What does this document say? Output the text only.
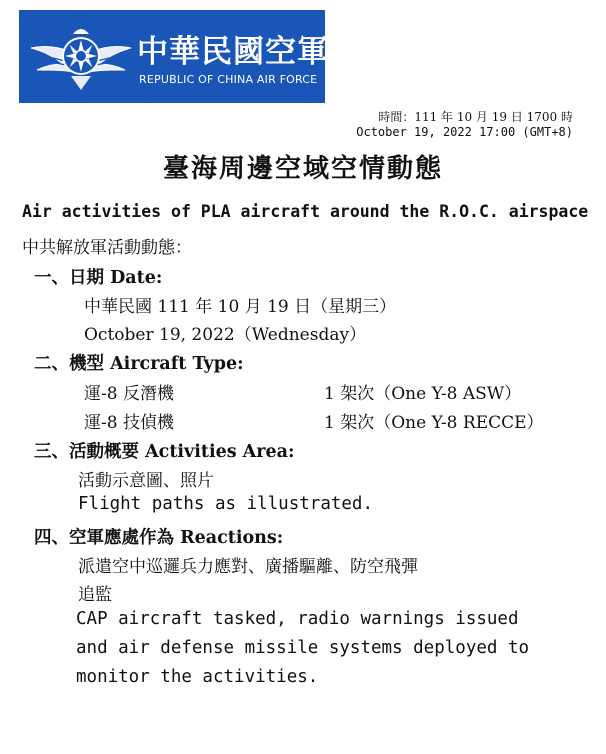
中華民國空軍
REPUBLIC OF CHINA AIR FORCE
時間：111 年 10 月 19 日 1700 時
October 19, 2022 17:00 (GMT+8)
臺海周邊空域空情動態
Air activities of PLA aircraft around the R.O.C. airspace
中共解放軍活動動態：
一、日期 Date:
中華民國 111 年 10 月 19 日（星期三）
October 19, 2022（Wednesday）
二、機型 Aircraft Type:
運-8 反潛機	1 架次（One Y-8 ASW）
運-8 技偵機	1 架次（One Y-8 RECCE）
三、活動概要 Activities Area:
活動示意圖、照片
Flight paths as illustrated.
四、空軍應處作為 Reactions:
派遣空中巡邏兵力應對、廣播驅離、防空飛彈
追監
CAP aircraft tasked, radio warnings issued
and air defense missile systems deployed to
monitor the activities.
